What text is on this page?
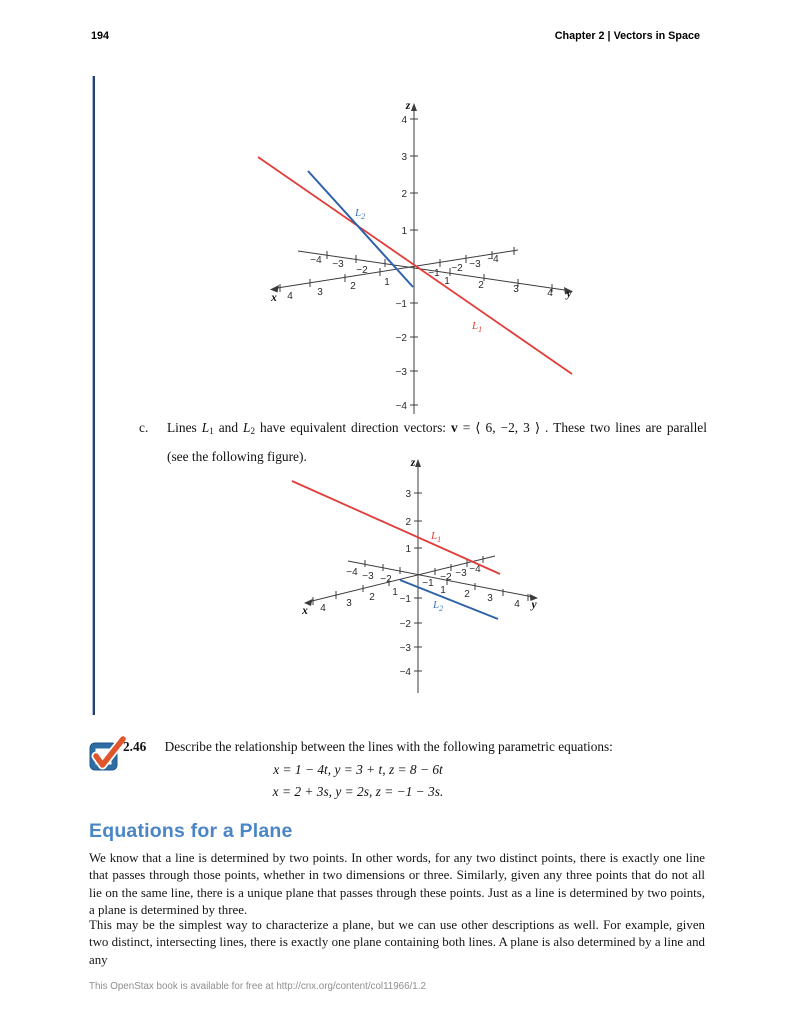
194	Chapter 2 | Vectors in Space
z
x	y
4
3
2
1
−1
−2
−3
−4
1
2
3
4
−1 −2 −3 −4
1	2	3	4
−4 −3
−2
$L_1$
$L_2$
c. Lines $L_1$ and $L_2$ have equivalent direction vectors: v = ⟨ 6, −2, 3 ⟩ . These two lines are parallel
(see the following figure).	z
x	y
3
2
1
−1
−2
−3
−4
1
2
3
4
−1
−2 −3 −4
1 2 3
4
−4 −3 −2
$L_1$
$L_2$
2.46 Describe the relationship between the lines with the following parametric equations:
x = 1 − 4t, y = 3 + t, z = 8 − 6t
x = 2 + 3s, y = 2s, z = −1 − 3s.
Equations for a Plane
We know that a line is determined by two points. In other words, for any two distinct points, there is exactly one line that passes through those points, whether in two dimensions or three. Similarly, given any three points that do not all lie on the same line, there is a unique plane that passes through these points. Just as a line is determined by two points, a plane is determined by three.
This may be the simplest way to characterize a plane, but we can use other descriptions as well. For example, given two distinct, intersecting lines, there is exactly one plane containing both lines. A plane is also determined by a line and any
This OpenStax book is available for free at http://cnx.org/content/col11966/1.2
